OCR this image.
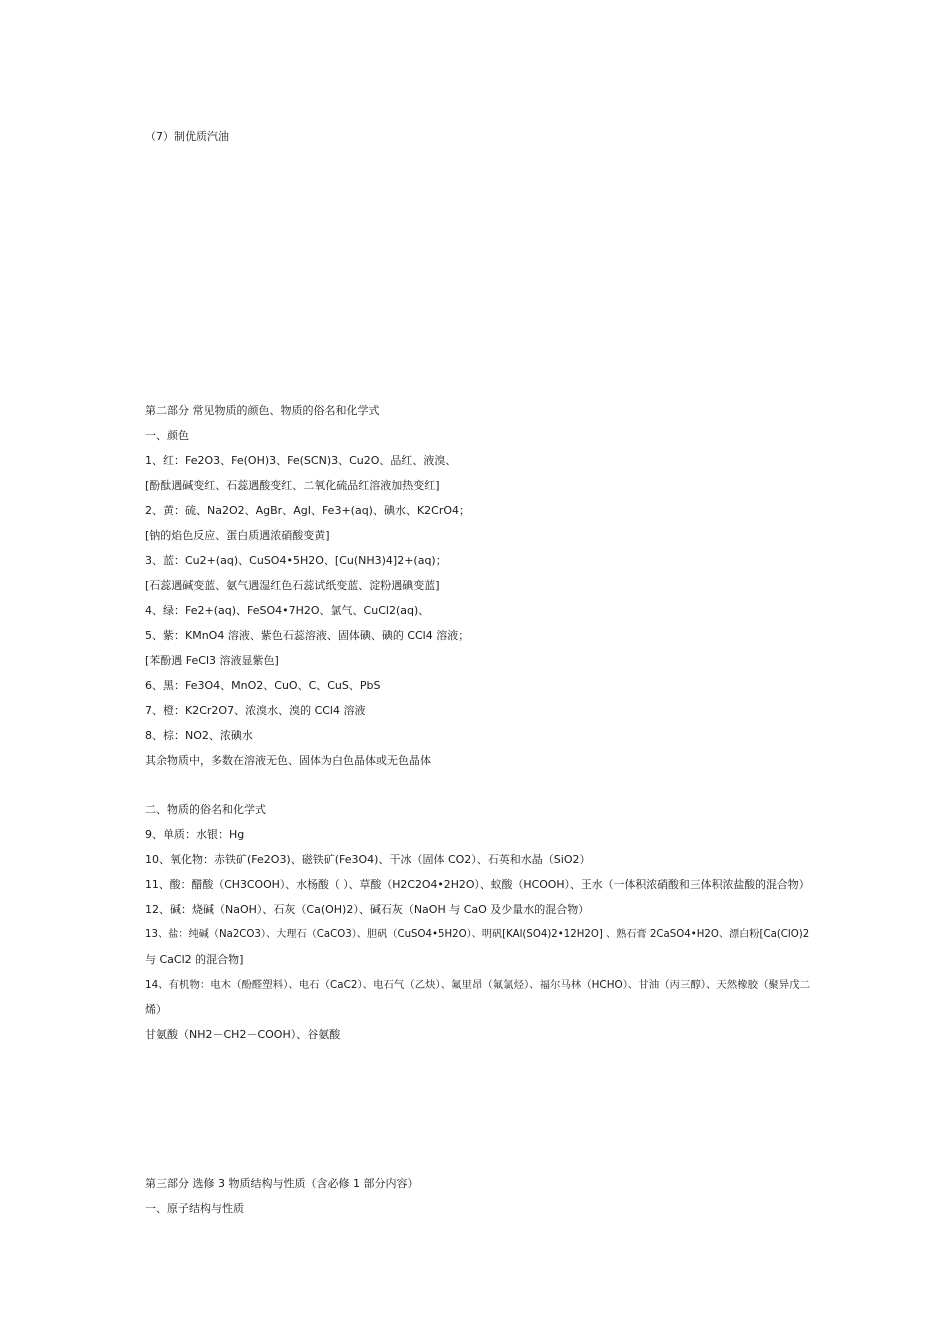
（7）制优质汽油

第二部分 常见物质的颜色、物质的俗名和化学式

一、颜色

1、红：Fe2O3、Fe(OH)3、Fe(SCN)3、Cu2O、品红、液溴、

[酚酞遇碱变红、石蕊遇酸变红、二氧化硫品红溶液加热变红]

2、黄：硫、Na2O2、AgBr、AgI、Fe3+(aq)、碘水、K2CrO4；

[钠的焰色反应、蛋白质遇浓硝酸变黄]

3、蓝：Cu2+(aq)、CuSO4•5H2O、[Cu(NH3)4]2+(aq)；

[石蕊遇碱变蓝、氨气遇湿红色石蕊试纸变蓝、淀粉遇碘变蓝]

4、绿：Fe2+(aq)、FeSO4•7H2O、氯气、CuCl2(aq)、

5、紫：KMnO4 溶液、紫色石蕊溶液、固体碘、碘的 CCl4 溶液；

[苯酚遇 FeCl3 溶液显紫色]

6、黑：Fe3O4、MnO2、CuO、C、CuS、PbS

7、橙：K2Cr2O7、浓溴水、溴的 CCl4 溶液

8、棕：NO2、浓碘水

其余物质中，多数在溶液无色、固体为白色晶体或无色晶体

二、物质的俗名和化学式

9、单质：水银：Hg

10、氧化物：赤铁矿(Fe2O3)、磁铁矿(Fe3O4)、干冰（固体 CO2）、石英和水晶（SiO2）

11、酸：醋酸（CH3COOH）、水杨酸（ ）、草酸（H2C2O4•2H2O）、蚁酸（HCOOH）、王水（一体积浓硝酸和三体积浓盐酸的混合物）

12、碱：烧碱（NaOH）、石灰（Ca(OH)2）、碱石灰（NaOH 与 CaO 及少量水的混合物）

13、盐：纯碱（Na2CO3）、大理石（CaCO3）、胆矾（CuSO4•5H2O）、明矾[KAl(SO4)2•12H2O] 、熟石膏 2CaSO4•H2O、漂白粉[Ca(ClO)2

与 CaCl2 的混合物]

14、有机物：电木（酚醛塑料）、电石（CaC2）、电石气（乙炔）、氟里昂（氟氯烃）、福尔马林（HCHO）、甘油（丙三醇）、天然橡胶（聚异戊二

烯）

甘氨酸（NH2－CH2－COOH）、谷氨酸

第三部分 选修 3 物质结构与性质（含必修 1 部分内容）

一、原子结构与性质
